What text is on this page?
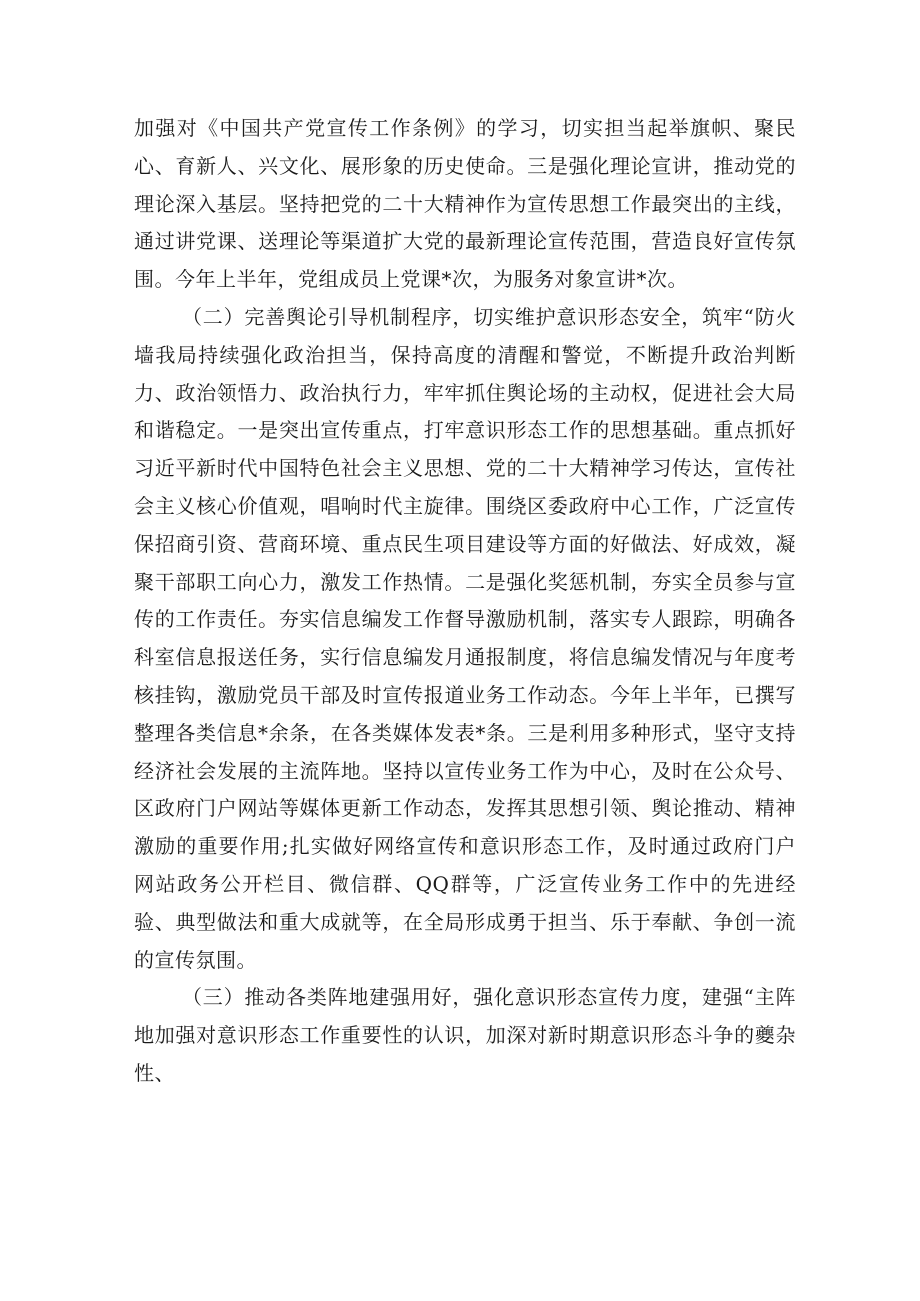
加强对《中国共产党宣传工作条例》的学习，切实担当起举旗帜、聚民心、育新人、兴文化、展形象的历史使命。三是强化理论宣讲，推动党的理论深入基层。坚持把党的二十大精神作为宣传思想工作最突出的主线，通过讲党课、送理论等渠道扩大党的最新理论宣传范围，营造良好宣传氛围。今年上半年，党组成员上党课*次，为服务对象宣讲*次。

（二）完善舆论引导机制程序，切实维护意识形态安全，筑牢“防火墙我局持续强化政治担当，保持高度的清醒和警觉，不断提升政治判断力、政治领悟力、政治执行力，牢牢抓住舆论场的主动权，促进社会大局和谐稳定。一是突出宣传重点，打牢意识形态工作的思想基础。重点抓好习近平新时代中国特色社会主义思想、党的二十大精神学习传达，宣传社会主义核心价值观，唱响时代主旋律。围绕区委政府中心工作，广泛宣传保招商引资、营商环境、重点民生项目建设等方面的好做法、好成效，凝聚干部职工向心力，激发工作热情。二是强化奖惩机制，夯实全员参与宣传的工作责任。夯实信息编发工作督导激励机制，落实专人跟踪，明确各科室信息报送任务，实行信息编发月通报制度，将信息编发情况与年度考核挂钩，激励党员干部及时宣传报道业务工作动态。今年上半年，已撰写整理各类信息*余条，在各类媒体发表*条。三是利用多种形式，坚守支持经济社会发展的主流阵地。坚持以宣传业务工作为中心，及时在公众号、区政府门户网站等媒体更新工作动态，发挥其思想引领、舆论推动、精神激励的重要作用;扎实做好网络宣传和意识形态工作，及时通过政府门户网站政务公开栏目、微信群、QQ群等，广泛宣传业务工作中的先进经验、典型做法和重大成就等，在全局形成勇于担当、乐于奉献、争创一流的宣传氛围。

（三）推动各类阵地建强用好，强化意识形态宣传力度，建强“主阵地加强对意识形态工作重要性的认识，加深对新时期意识形态斗争的夔杂性、
